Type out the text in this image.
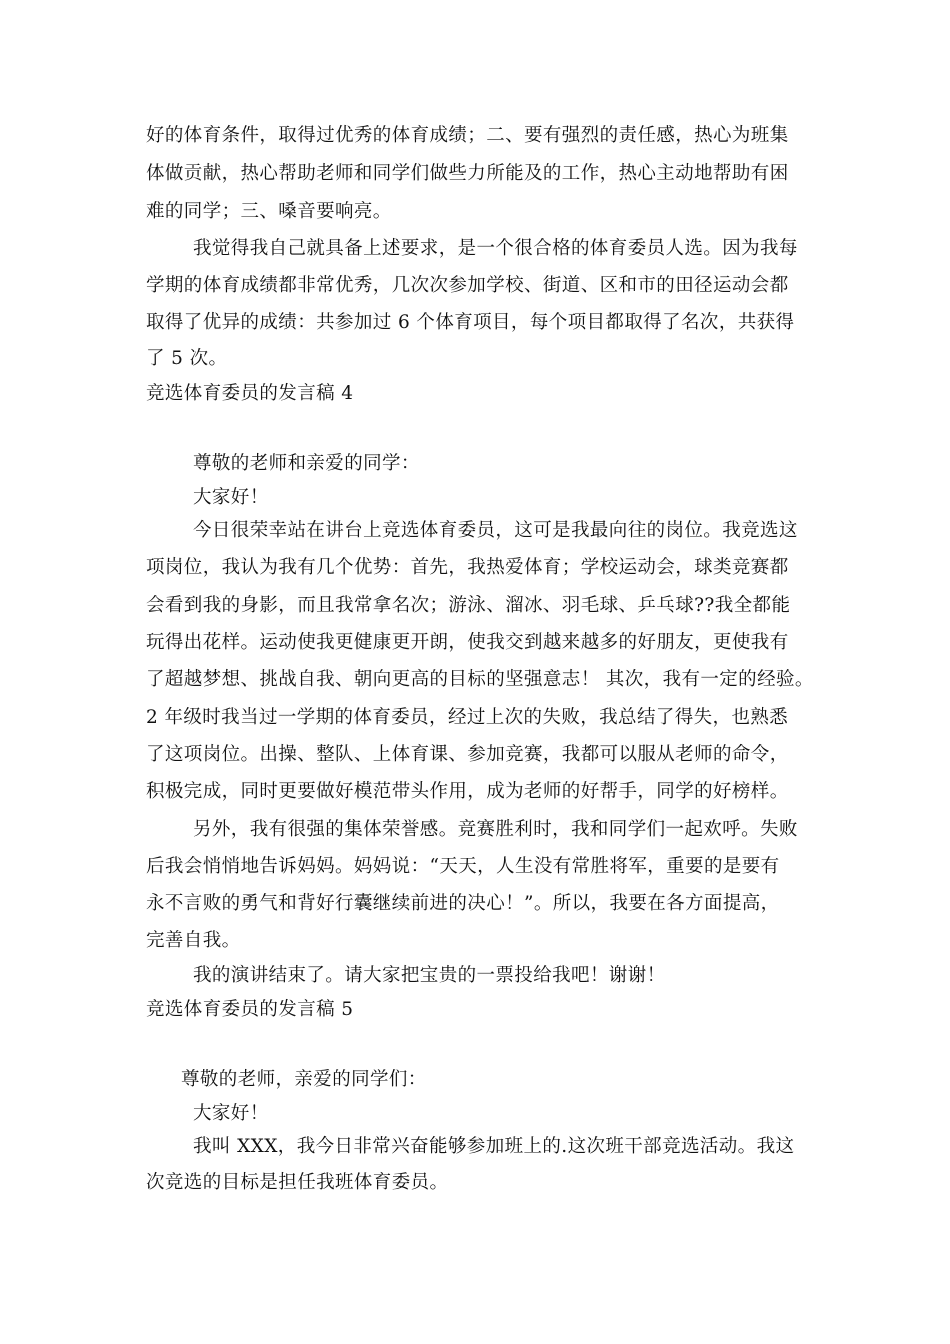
好的体育条件，取得过优秀的体育成绩；二、要有强烈的责任感，热心为班集
体做贡献，热心帮助老师和同学们做些力所能及的工作，热心主动地帮助有困
难的同学；三、嗓音要响亮。
我觉得我自己就具备上述要求，是一个很合格的体育委员人选。因为我每
学期的体育成绩都非常优秀，几次次参加学校、街道、区和市的田径运动会都
取得了优异的成绩：共参加过 6 个体育项目，每个项目都取得了名次，共获得
了 5 次。
竞选体育委员的发言稿 4
尊敬的老师和亲爱的同学：
大家好！
今日很荣幸站在讲台上竞选体育委员，这可是我最向往的岗位。我竞选这
项岗位，我认为我有几个优势：首先，我热爱体育；学校运动会，球类竞赛都
会看到我的身影，而且我常拿名次；游泳、溜冰、羽毛球、乒乓球??我全都能
玩得出花样。运动使我更健康更开朗，使我交到越来越多的好朋友，更使我有
了超越梦想、挑战自我、朝向更高的目标的坚强意志！ 其次，我有一定的经验。
2 年级时我当过一学期的体育委员，经过上次的失败，我总结了得失，也熟悉
了这项岗位。出操、整队、上体育课、参加竞赛，我都可以服从老师的命令，
积极完成，同时更要做好模范带头作用，成为老师的好帮手，同学的好榜样。
另外，我有很强的集体荣誉感。竞赛胜利时，我和同学们一起欢呼。失败
后我会悄悄地告诉妈妈。妈妈说：“天天，人生没有常胜将军，重要的是要有
永不言败的勇气和背好行囊继续前进的决心！”。所以，我要在各方面提高，
完善自我。
我的演讲结束了。请大家把宝贵的一票投给我吧！谢谢！
竞选体育委员的发言稿 5
尊敬的老师，亲爱的同学们：
大家好！
我叫 XXX，我今日非常兴奋能够参加班上的.这次班干部竞选活动。我这
次竞选的目标是担任我班体育委员。
